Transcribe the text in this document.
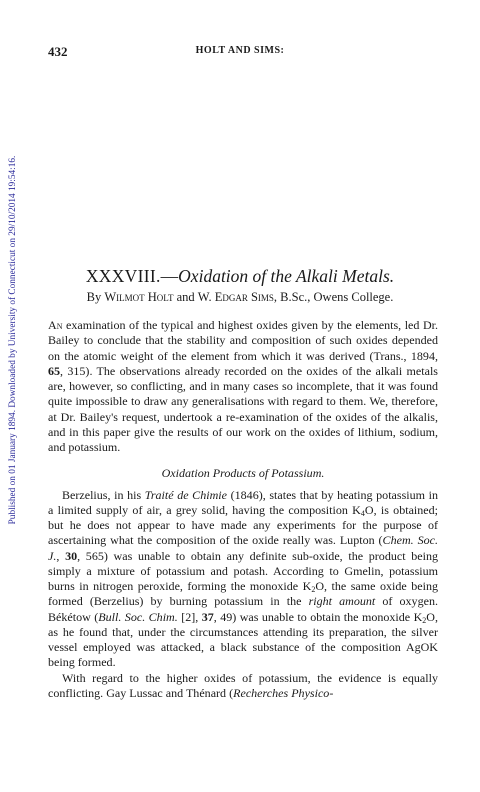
432	HOLT AND SIMS:
Published on 01 January 1894. Downloaded by University of Connecticut on 29/10/2014 19:54:16.	XXXVIII.—Oxidation of the Alkali Metals.
By Wilmot Holt and W. Edgar Sims, B.Sc., Owens College.

An examination of the typical and highest oxides given by the elements, led Dr. Bailey to conclude that the stability and composition of such oxides depended on the atomic weight of the element from which it was derived (Trans., 1894, 65, 315). The observations already recorded on the oxides of the alkali metals are, however, so conflicting, and in many cases so incomplete, that it was found quite impossible to draw any generalisations with regard to them. We, therefore, at Dr. Bailey's request, undertook a re-examination of the oxides of the alkalis, and in this paper give the results of our work on the oxides of lithium, sodium, and potassium.

Oxidation Products of Potassium.

Berzelius, in his Traité de Chimie (1846), states that by heating potassium in a limited supply of air, a grey solid, having the composition $K_4O$, is obtained; but he does not appear to have made any experiments for the purpose of ascertaining what the composition of the oxide really was. Lupton (Chem. Soc. J., 30, 565) was unable to obtain any definite sub-oxide, the product being simply a mixture of potassium and potash. According to Gmelin, potassium burns in nitrogen peroxide, forming the monoxide $K_2O$, the same oxide being formed (Berzelius) by burning potassium in the right amount of oxygen. Békétow (Bull. Soc. Chim. [2], 37, 49) was unable to obtain the monoxide $K_2O$, as he found that, under the circumstances attending its preparation, the silver vessel employed was attacked, a black substance of the composition AgOK being formed.

With regard to the higher oxides of potassium, the evidence is equally conflicting. Gay Lussac and Thénard (Recherches Physico-
